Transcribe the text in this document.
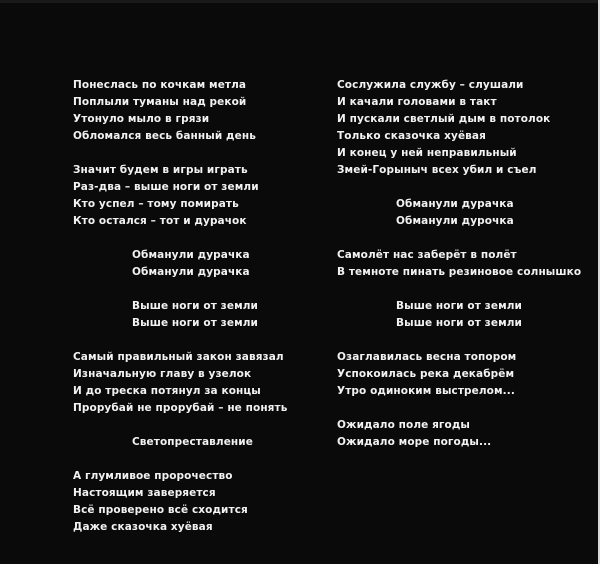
Понеслась по кочкам метла
Поплыли туманы над рекой
Утонуло мыло в грязи
Обломался весь банный день
Значит будем в игры играть
Раз-два – выше ноги от земли
Кто успел – тому помирать
Кто остался – тот и дурачок
Обманули дурачка
Обманули дурачка
Выше ноги от земли
Выше ноги от земли
Самый правильный закон завязал
Изначальную главу в узелок
И до треска потянул за концы
Прорубай не прорубай – не понять
Светопреставление
А глумливое пророчество
Настоящим заверяется
Всё проверено всё сходится
Даже сказочка хуёвая
Сослужила службу – слушали
И качали головами в такт
И пускали светлый дым в потолок
Только сказочка хуёвая
И конец у ней неправильный
Змей-Горыныч всех убил и съел
Обманули дурачка
Обманули дурочка
Самолёт нас заберёт в полёт
В темноте пинать резиновое солнышко
Выше ноги от земли
Выше ноги от земли
Озаглавилась весна топором
Успокоилась река декабрём
Утро одиноким выстрелом...
Ожидало поле ягоды
Ожидало море погоды...
